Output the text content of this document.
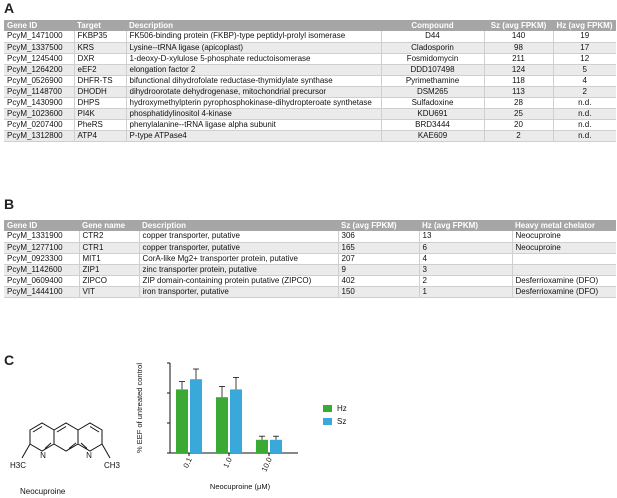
A
Gene ID	Target	Description	Compound	Sz (avg FPKM)	Hz (avg FPKM)
PcyM_1471000	FKBP35	FK506-binding protein (FKBP)-type peptidyl-prolyl isomerase	D44	140	19
PcyM_1337500	KRS	Lysine--tRNA ligase (apicoplast)	Cladosporin	98	17
PcyM_1245400	DXR	1-deoxy-D-xylulose 5-phosphate reductoisomerase	Fosmidomycin	211	12
PcyM_1264200	eEF2	elongation factor 2	DDD107498	124	5
PcyM_0526900	DHFR-TS	bifunctional dihydrofolate reductase-thymidylate synthase	Pyrimethamine	118	4
PcyM_1148700	DHODH	dihydroorotate dehydrogenase, mitochondrial precursor	DSM265	113	2
PcyM_1430900	DHPS	hydroxymethylpterin pyrophosphokinase-dihydropteroate synthetase	Sulfadoxine	28	n.d.
PcyM_1023600	PI4K	phosphatidylinositol 4-kinase	KDU691	25	n.d.
PcyM_0207400	PheRS	phenylalanine--tRNA ligase alpha subunit	BRD3444	20	n.d.
PcyM_1312800	ATP4	P-type ATPase4	KAE609	2	n.d.
B
Gene ID	Gene name	Description	Sz (avg FPKM)	Hz (avg FPKM)	Heavy metal chelator
PcyM_1331900	CTR2	copper transporter, putative	306	13	Neocuproine
PcyM_1277100	CTR1	copper transporter, putative	165	6	Neocuproine
PcyM_0923300	MIT1	CorA-like Mg2+ transporter protein, putative	207	4	
PcyM_1142600	ZIP1	zinc transporter protein, putative	9	3	
PcyM_0609400	ZIPCO	ZIP domain-containing protein putative (ZIPCO)	402	2	Desferrioxamine (DFO)
PcyM_1444100	VIT	iron transporter, putative	150	1	Desferrioxamine (DFO)
C
N	N
H3C	CH3
Neocuproine
% EEF of untreated control
0.1	1.0	10.0
Neocuproine (μM)
Hz
Sz
